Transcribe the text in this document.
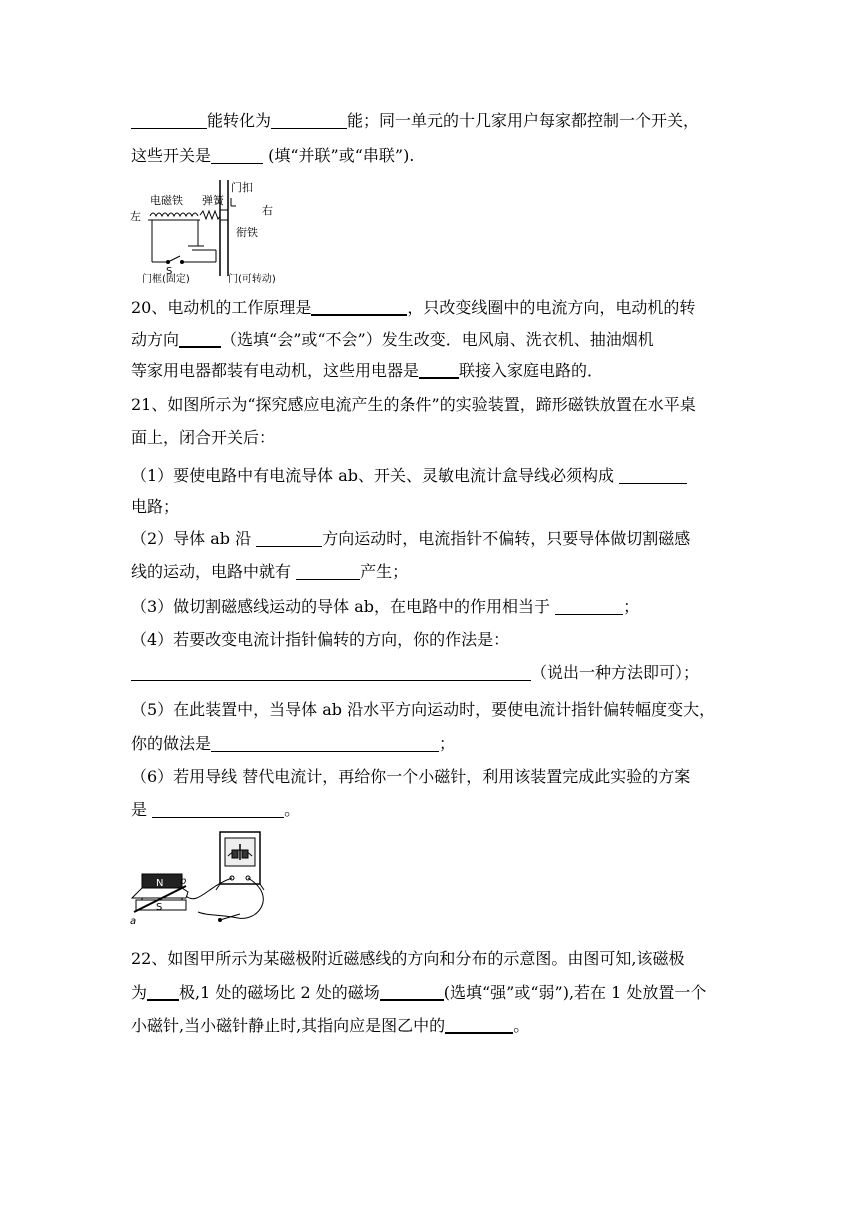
能转化为	能；同一单元的十几家用户每家都控制一个开关，
这些开关是	(填“并联”或“串联”).
电磁铁 弹簧
门扣
左	右
衔铁
S
门框(固定)	门(可转动)
20、电动机的工作原理是	，只改变线圈中的电流方向，电动机的转
动方向	（选填“会”或“不会”）发生改变．电风扇、洗衣机、抽油烟机
等家用电器都装有电动机，这些用电器是	联接入家庭电路的．
21、如图所示为“探究感应电流产生的条件”的实验装置，蹄形磁铁放置在水平桌
面上，闭合开关后：
（1）要使电路中有电流导体 ab、开关、灵敏电流计盒导线必须构成
电路；
（2）导体 ab 沿	方向运动时，电流指针不偏转，只要导体做切割磁感
线的运动，电路中就有	产生；
（3）做切割磁感线运动的导体 ab，在电路中的作用相当于	；
（4）若要改变电流计指针偏转的方向，你的作法是：
（说出一种方法即可）；
（5）在此装置中，当导体 ab 沿水平方向运动时，要使电流计指针偏转幅度变大，
你的做法是	；
（6）若用导线 替代电流计，再给你一个小磁针，利用该装置完成此实验的方案
是	。
N
S
a
b
22、如图甲所示为某磁极附近磁感线的方向和分布的示意图。由图可知,该磁极
为 极,1 处的磁场比 2 处的磁场	(选填“强”或“弱”),若在 1 处放置一个
小磁针,当小磁针静止时,其指向应是图乙中的	。
